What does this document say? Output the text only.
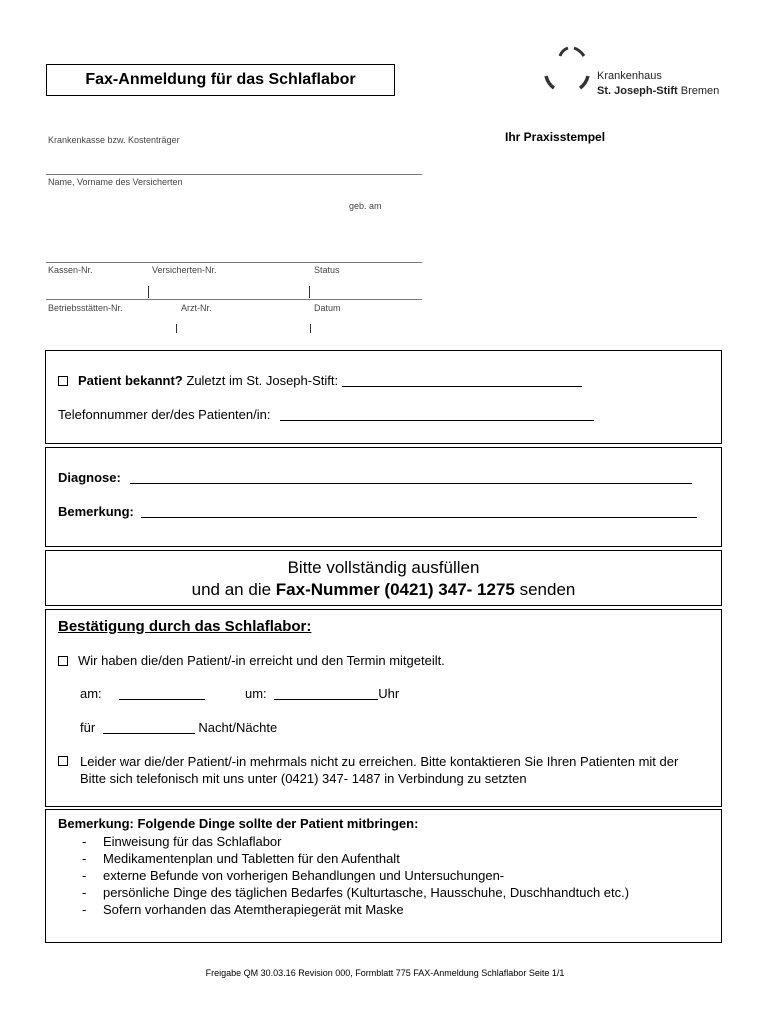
Fax-Anmeldung für das Schlaflabor	Krankenhaus
St. Joseph-Stift Bremen
Ihr Praxisstempel
Krankenkasse bzw. Kostenträger
Name, Vorname des Versicherten
geb. am
Kassen-Nr.	Versicherten-Nr.	Status
Betriebsstätten-Nr.	Arzt-Nr.	Datum
Patient bekannt? Zuletzt im St. Joseph-Stift:
Telefonnummer der/des Patienten/in:
Diagnose:
Bemerkung:
Bitte vollständig ausfüllen
und an die Fax-Nummer (0421) 347- 1275 senden
Bestätigung durch das Schlaflabor:
Wir haben die/den Patient/-in erreicht und den Termin mitgeteilt.
am:	um:	Uhr
für	Nacht/Nächte
Leider war die/der Patient/-in mehrmals nicht zu erreichen. Bitte kontaktieren Sie Ihren Patienten mit der Bitte sich telefonisch mit uns unter (0421) 347- 1487 in Verbindung zu setzten
Bemerkung: Folgende Dinge sollte der Patient mitbringen:
- Einweisung für das Schlaflabor
- Medikamentenplan und Tabletten für den Aufenthalt
- externe Befunde von vorherigen Behandlungen und Untersuchungen-
- persönliche Dinge des täglichen Bedarfes (Kulturtasche, Hausschuhe, Duschhandtuch etc.)
- Sofern vorhanden das Atemtherapiegerät mit Maske
Freigabe QM 30.03.16 Revision 000, Formblatt 775 FAX-Anmeldung Schlaflabor Seite 1/1
